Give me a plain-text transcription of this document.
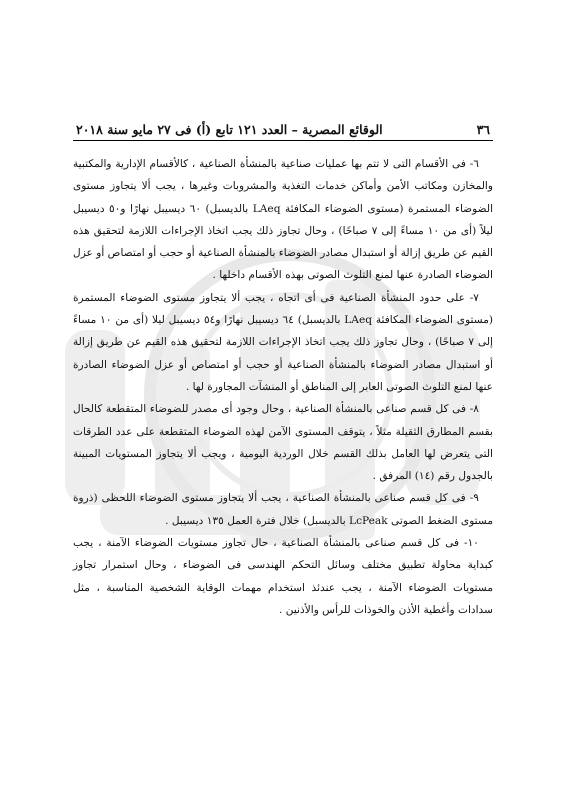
٣٦
الوقائع المصرية – العدد ١٢١ تابع (أ) فى ٢٧ مايو سنة ٢٠١٨

٦- فى الأقسام التى لا تتم بها عمليات صناعية بالمنشأة الصناعية ، كالأقسام الإدارية والمكتبية والمخازن ومكاتب الأمن وأماكن خدمات التغذية والمشروبات وغيرها ، يجب ألا يتجاوز مستوى الضوضاء المستمرة (مستوى الضوضاء المكافئة LAeq بالديسبل) ٦٠ ديسيبل نهارًا و٥٠ ديسيبل ليلاً (أى من ١٠ مساءً إلى ٧ صباحًا) ، وحال تجاوز ذلك يجب اتخاذ الإجراءات اللازمة لتحقيق هذه القيم عن طريق إزالة أو استبدال مصادر الضوضاء بالمنشأة الصناعية أو حجب أو امتصاص أو عزل الضوضاء الصادرة عنها لمنع التلوث الصوتى بهذه الأقسام داخلها .

٧- على حدود المنشأة الصناعية فى أى اتجاه ، يجب ألا يتجاوز مستوى الضوضاء المستمرة (مستوى الضوضاء المكافئة LAeq بالديسبل) ٦٤ ديسيبل نهارًا و٥٤ ديسيبل ليلا (أى من ١٠ مساءً إلى ٧ صباحًا) ، وحال تجاوز ذلك يجب اتخاذ الإجراءات اللازمة لتحقيق هذه القيم عن طريق إزالة أو استبدال مصادر الضوضاء بالمنشأة الصناعية أو حجب أو امتصاص أو عزل الضوضاء الصادرة عنها لمنع التلوث الصوتى العابر إلى المناطق أو المنشآت المجاورة لها .

٨- فى كل قسم صناعى بالمنشأة الصناعية ، وحال وجود أى مصدر للضوضاء المتقطعة كالحال بقسم المطارق الثقيلة مثلاً ، يتوقف المستوى الآمن لهذه الضوضاء المتقطعة على عدد الطرقات التى يتعرض لها العامل بذلك القسم خلال الوردية اليومية ، ويجب ألا يتجاوز المستويات المبينة بالجدول رقم (١٤) المرفق .

٩- فى كل قسم صناعى بالمنشأة الصناعية ، يجب ألا يتجاوز مستوى الضوضاء اللحظى (ذروة مستوى الضغط الصوتى LcPeak بالديسبل) خلال فترة العمل ١٣٥ ديسيبل .

١٠- فى كل قسم صناعى بالمنشأة الصناعية ، حال تجاوز مستويات الضوضاء الآمنة ، يجب كبداية محاولة تطبيق مختلف وسائل التحكم الهندسى فى الضوضاء ، وحال استمرار تجاوز مستويات الضوضاء الآمنة ، يجب عندئذ استخدام مهمات الوقاية الشخصية المناسبة ، مثل سدادات وأغطية الأذن والخوذات للرأس والأذنين .
